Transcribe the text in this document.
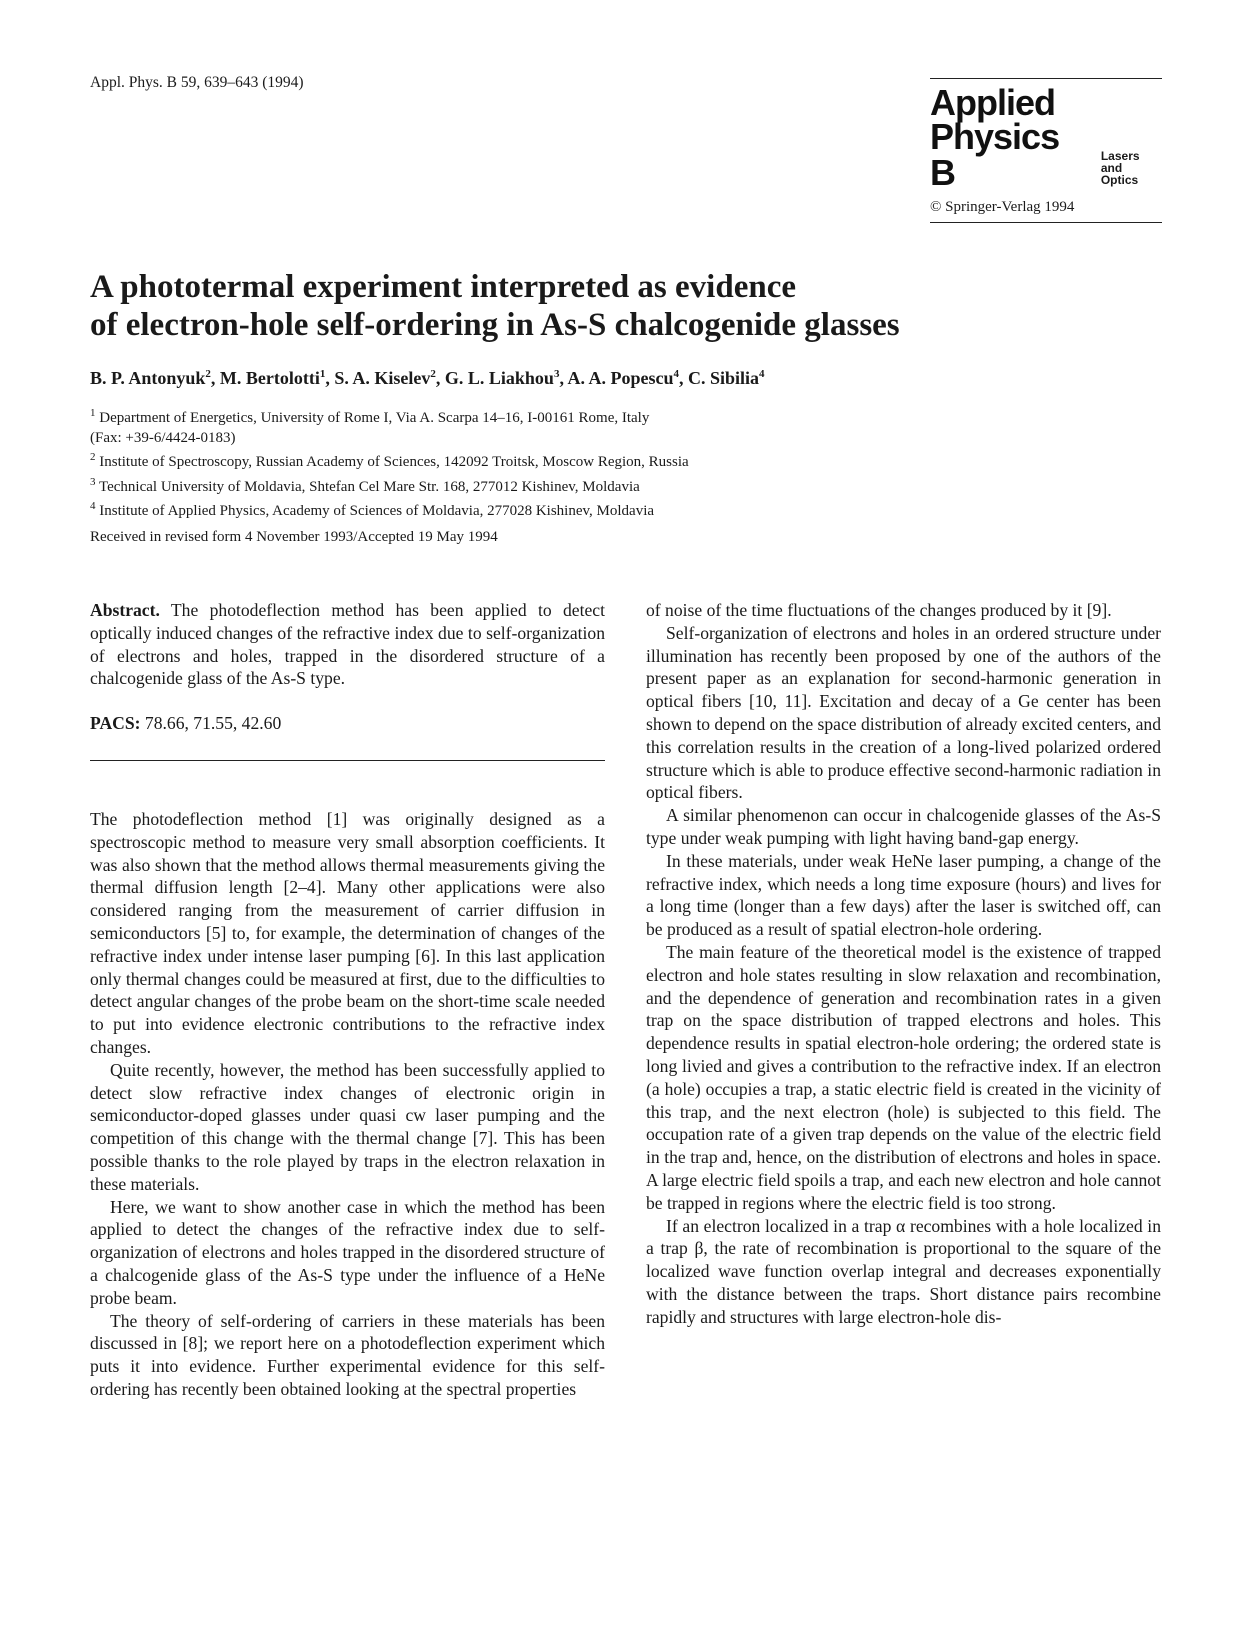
Appl. Phys. B 59, 639–643 (1994)	Applied
Physics B	Lasers
and Optics
© Springer-Verlag 1994
A phototermal experiment interpreted as evidence
of electron-hole self-ordering in As-S chalcogenide glasses
B. P. Antonyuk$^2$, M. Bertolotti$^1$, S. A. Kiselev$^2$, G. L. Liakhou$^3$, A. A. Popescu$^4$, C. Sibilia$^4$
$^1$ Department of Energetics, University of Rome I, Via A. Scarpa 14–16, I-00161 Rome, Italy
(Fax: +39-6/4424-0183)
$^2$ Institute of Spectroscopy, Russian Academy of Sciences, 142092 Troitsk, Moscow Region, Russia
$^3$ Technical University of Moldavia, Shtefan Cel Mare Str. 168, 277012 Kishinev, Moldavia
$^4$ Institute of Applied Physics, Academy of Sciences of Moldavia, 277028 Kishinev, Moldavia
Received in revised form 4 November 1993/Accepted 19 May 1994

Abstract. The photodeflection method has been applied to detect optically induced changes of the refractive index due to self-organization of electrons and holes, trapped in the disordered structure of a chalcogenide glass of the As-S type.

PACS: 78.66, 71.55, 42.60

The photodeflection method [1] was originally designed as a spectroscopic method to measure very small absorption coefficients. It was also shown that the method allows thermal measurements giving the thermal diffusion length [2–4]. Many other applications were also considered ranging from the measurement of carrier diffusion in semiconductors [5] to, for example, the determination of changes of the refractive index under intense laser pumping [6]. In this last application only thermal changes could be measured at first, due to the difficulties to detect angular changes of the probe beam on the short-time scale needed to put into evidence electronic contributions to the refractive index changes.

Quite recently, however, the method has been successfully applied to detect slow refractive index changes of electronic origin in semiconductor-doped glasses under quasi cw laser pumping and the competition of this change with the thermal change [7]. This has been possible thanks to the role played by traps in the electron relaxation in these materials.

Here, we want to show another case in which the method has been applied to detect the changes of the refractive index due to self-organization of electrons and holes trapped in the disordered structure of a chalcogenide glass of the As-S type under the influence of a HeNe probe beam.

The theory of self-ordering of carriers in these materials has been discussed in [8]; we report here on a photodeflection experiment which puts it into evidence. Further experimental evidence for this self-ordering has recently been obtained looking at the spectral properties

of noise of the time fluctuations of the changes produced by it [9].

Self-organization of electrons and holes in an ordered structure under illumination has recently been proposed by one of the authors of the present paper as an explanation for second-harmonic generation in optical fibers [10, 11]. Excitation and decay of a Ge center has been shown to depend on the space distribution of already excited centers, and this correlation results in the creation of a long-lived polarized ordered structure which is able to produce effective second-harmonic radiation in optical fibers.

A similar phenomenon can occur in chalcogenide glasses of the As-S type under weak pumping with light having band-gap energy.

In these materials, under weak HeNe laser pumping, a change of the refractive index, which needs a long time exposure (hours) and lives for a long time (longer than a few days) after the laser is switched off, can be produced as a result of spatial electron-hole ordering.

The main feature of the theoretical model is the existence of trapped electron and hole states resulting in slow relaxation and recombination, and the dependence of generation and recombination rates in a given trap on the space distribution of trapped electrons and holes. This dependence results in spatial electron-hole ordering; the ordered state is long livied and gives a contribution to the refractive index. If an electron (a hole) occupies a trap, a static electric field is created in the vicinity of this trap, and the next electron (hole) is subjected to this field. The occupation rate of a given trap depends on the value of the electric field in the trap and, hence, on the distribution of electrons and holes in space. A large electric field spoils a trap, and each new electron and hole cannot be trapped in regions where the electric field is too strong.

If an electron localized in a trap α recombines with a hole localized in a trap β, the rate of recombination is proportional to the square of the localized wave function overlap integral and decreases exponentially with the distance between the traps. Short distance pairs recombine rapidly and structures with large electron-hole dis-
